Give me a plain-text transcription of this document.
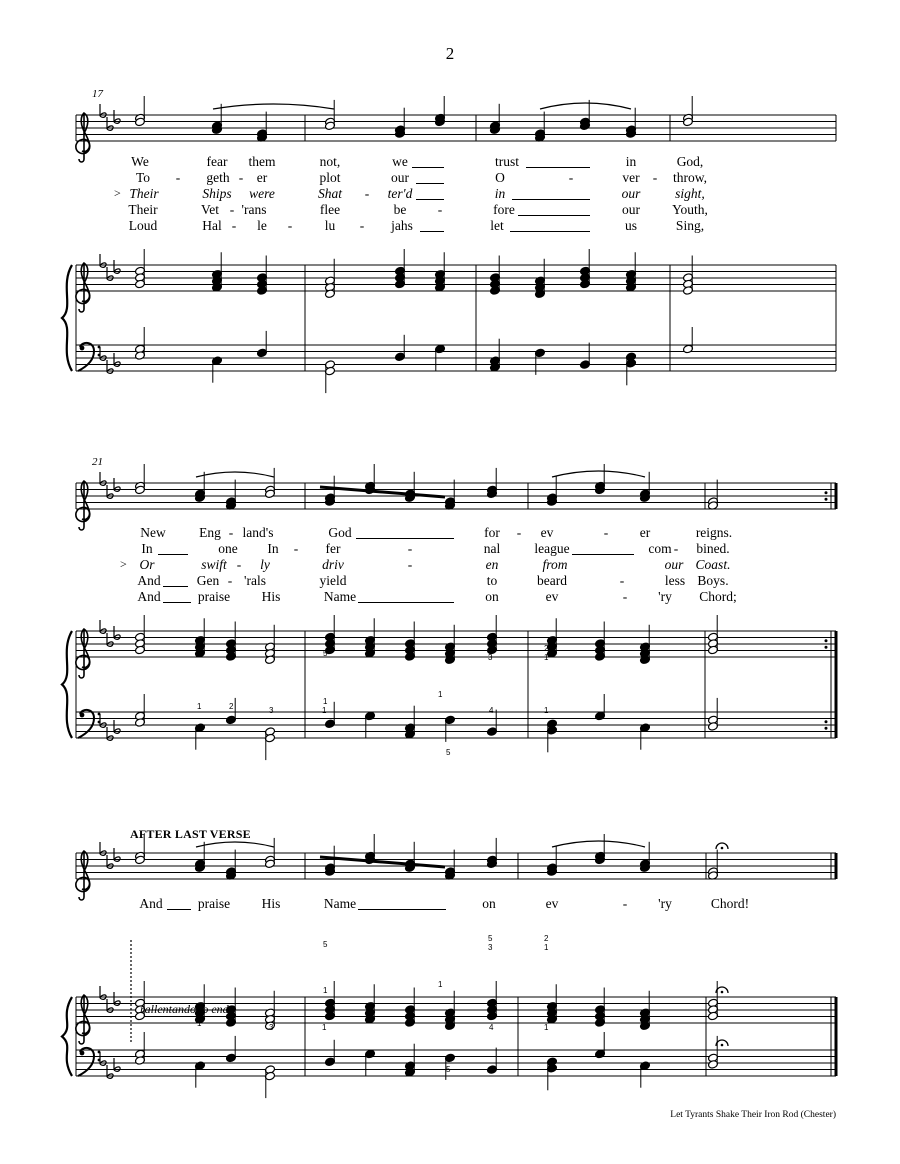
2
17
We	fear them	not,	we	trust	in	God,
To - geth - er	plot	our	O	-	ver - throw,
> Their	Ships were	Shat - ter'd	in	our	sight,
Their	Vet - 'rans	flee	be -	fore	our Youth,
Loud	Hal - le - lu - jahs	let	us	Sing,
21
New Eng - land's	God	for - ev	- er	reigns.
In	one In - fer	-	nal	league	com - bined.
> Or	swift - ly	driv	-	en	from	our Coast.
And	Gen - 'rals	yield	to	beard	-	less Boys.
And	praise His	Name	on	ev	- 'ry Chord;
AFTER LAST VERSE
And	praise His	Name	on	ev	- 'ry	Chord!
rallentando to end
5
5
3
2
1
1
1
1	2	3	1	4	1
5
5
5
3
2
1
1
1
1	2	3	1	4	1
5
Let Tyrants Shake Their Iron Rod (Chester)
